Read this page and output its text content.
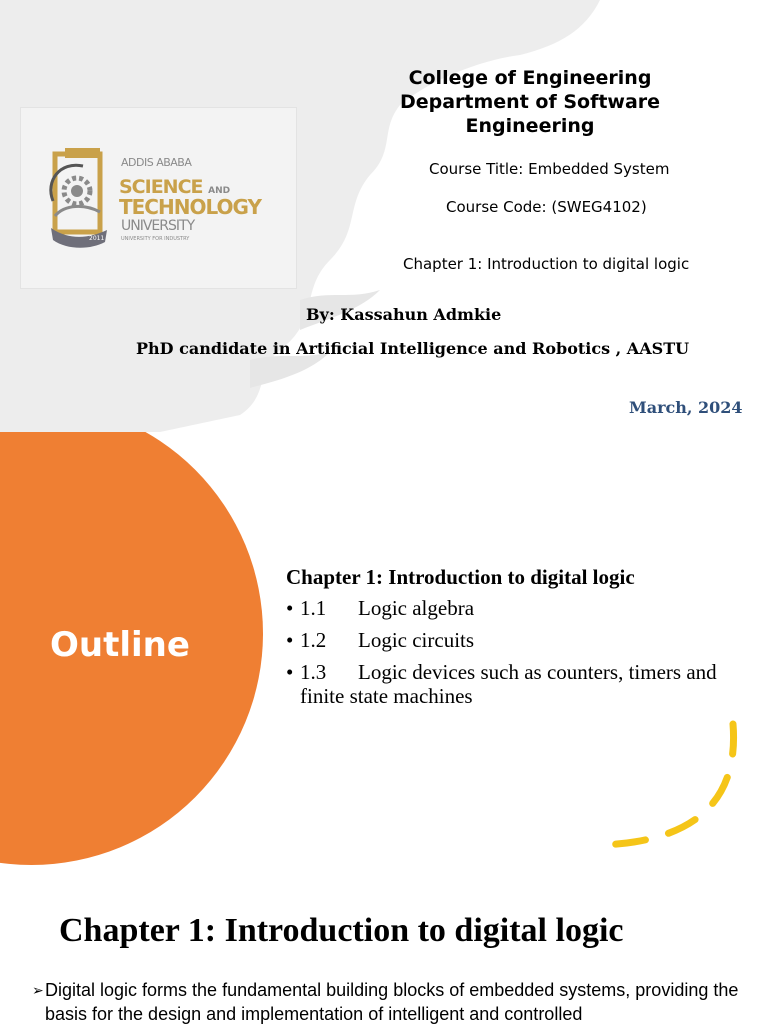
2011
ADDIS ABABA
SCIENCE AND
TECHNOLOGY
UNIVERSITY
UNIVERSITY FOR INDUSTRY
College of Engineering
Department of Software
Engineering
Course Title: Embedded System
Course Code: (SWEG4102)
Chapter 1: Introduction to digital logic
By: Kassahun Admkie
PhD candidate in Artificial Intelligence and Robotics , AASTU
March, 2024
Outline
Chapter 1: Introduction to digital logic
• 1.1 Logic algebra
• 1.2 Logic circuits
• 1.3 Logic devices such as counters, timers and finite state machines
Chapter 1: Introduction to digital logic
➢ Digital logic forms the fundamental building blocks of embedded systems, providing the basis for the design and implementation of intelligent and controlled
